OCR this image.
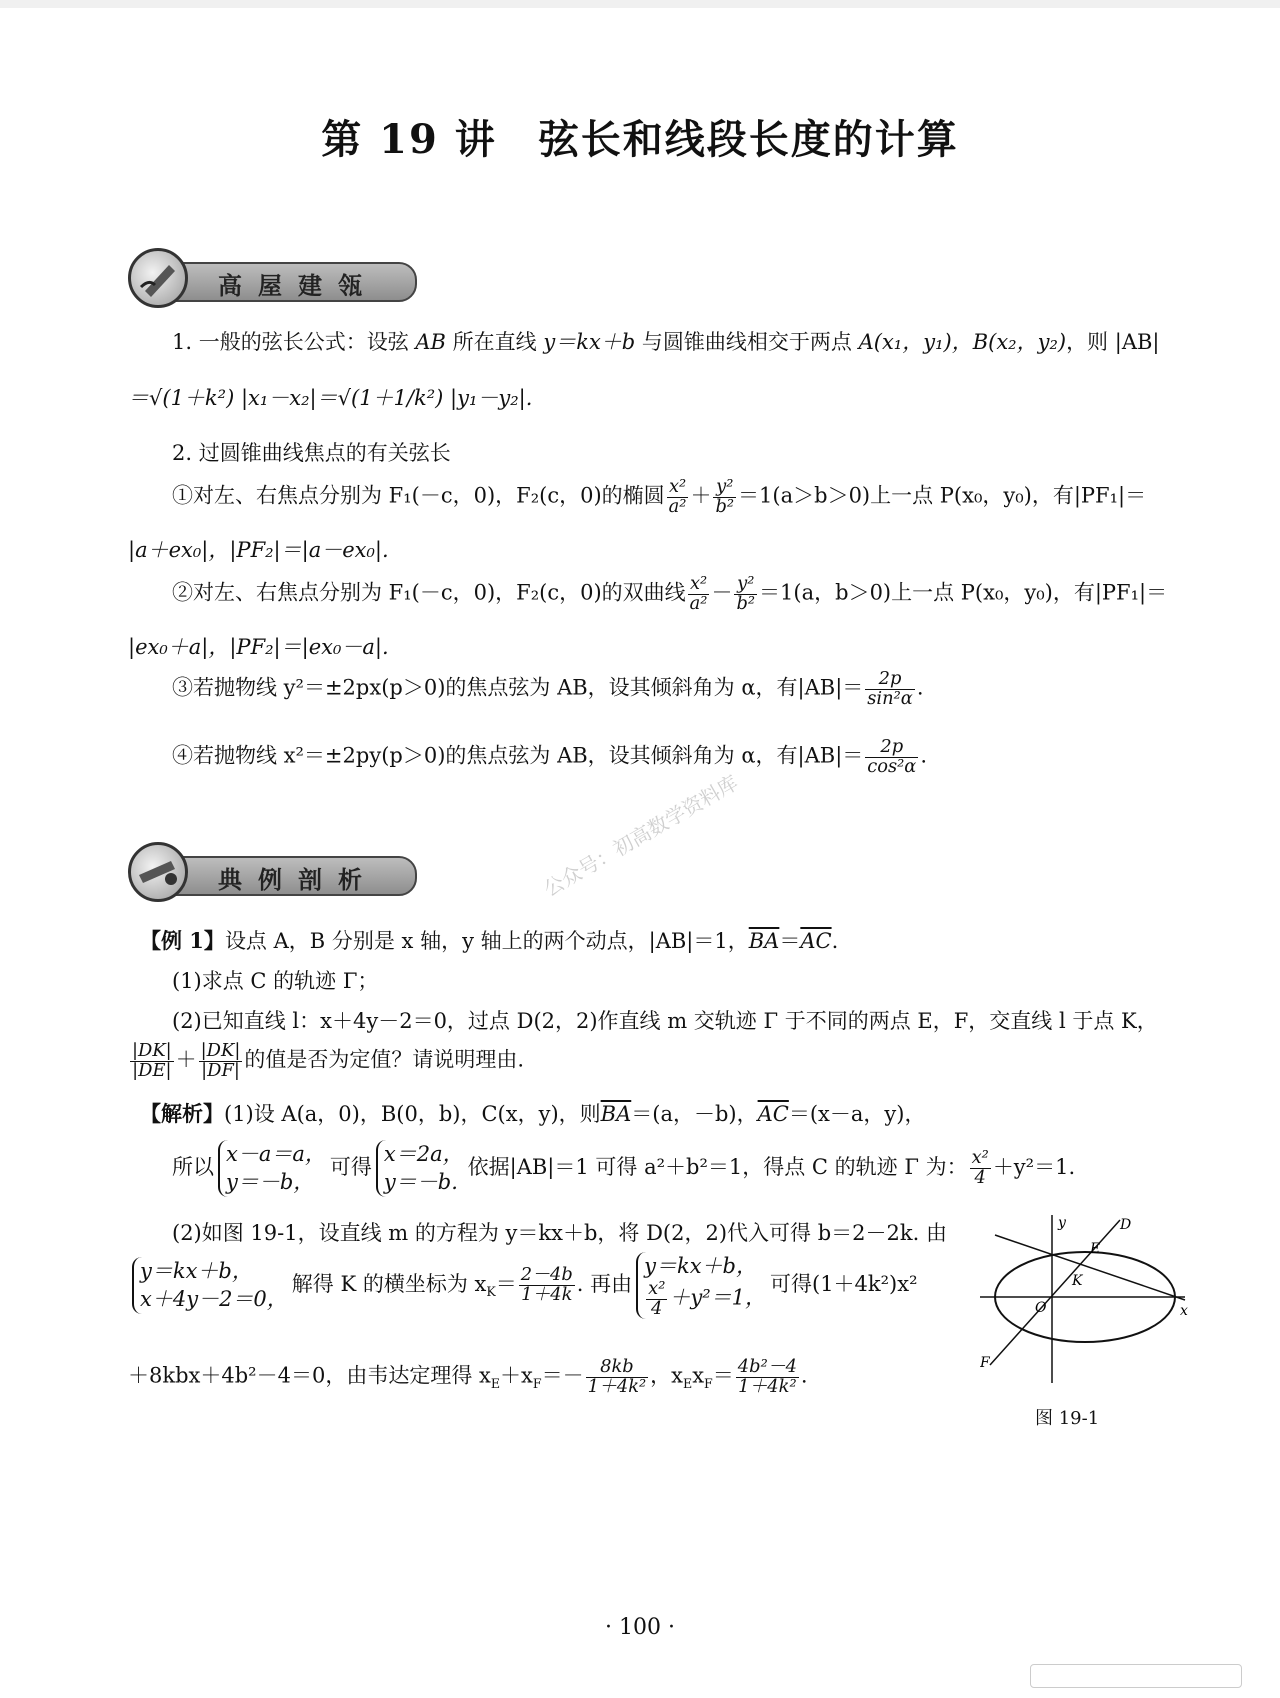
第 19 讲　弦长和线段长度的计算
高屋建瓴
1. 一般的弦长公式：设弦 AB 所在直线 y＝kx＋b 与圆锥曲线相交于两点 A(x₁，y₁)，B(x₂，y₂)，则 |AB|
＝√(1＋k²) |x₁－x₂|＝√(1＋1/k²) |y₁－y₂|.
2. 过圆锥曲线焦点的有关弦长
①对左、右焦点分别为 F₁(－c，0)，F₂(c，0)的椭圆 $\frac{\text{x²}}{\text{a²}} + \frac{\text{y²}}{\text{b²}} =1(a>b>0)$上一点 P(x₀，y₀)，有|PF₁|＝
|a＋ex₀|，|PF₂|＝|a－ex₀|.
②对左、右焦点分别为 F₁(－c，0)，F₂(c，0)的双曲线 $\frac{\text{x²}}{\text{a²}} - \frac{\text{y²}}{\text{b²}} =1(a$，b＞0)上一点 P(x₀，y₀)，有|PF₁|＝
|ex₀＋a|，|PF₂|＝|ex₀－a|.
③若抛物线 y²＝±2px(p＞0)的焦点弦为 AB，设其倾斜角为 α，有$|AB|= \frac{2p}{\text{sin²α}}$ .
④若抛物线 x²＝±2py(p＞0)的焦点弦为 AB，设其倾斜角为 α，有$|AB|= \frac{2p}{\text{cos²α}}$ .
公众号：初高数学资料库
典例剖析
【例 1】设点 A，B 分别是 x 轴，y 轴上的两个动点，|AB|＝1，$\overline{BA}=\overline{AC}$.
(1)求点 C 的轨迹 Γ；
(2)已知直线 l：x＋4y－2＝0，过点 D(2，2)作直线 m 交轨迹 Γ 于不同的两点 E，F，交直线 l 于点 K，
$\frac{|DK|}{|DE|} + \frac{|DK|}{|DF|}$ 的值是否为定值？请说明理由.
【解析】(1)设 A(a，0)，B(0，b)，C(x，y)，则$\overline{BA}=(a$，－b)，$\overline{AC}=(x-a$，y)，
所以x－a＝a，
y＝－b，可得x＝2a，
y＝－b.依据|AB|＝1 可得 a²＋b²＝1，得点 C 的轨迹 Γ 为： $\frac{\text{x²}}{4} +y^2=1$.
(2)如图 19-1，设直线 m 的方程为 y＝kx＋b，将 D(2，2)代入可得 b＝2－2k. 由
y＝kx＋b，
x＋4y－2＝0，解得 K 的横坐标为 $x_K= \frac{2-4b}{1+4k}$ . 再由y＝kx＋b，

$\frac{\text{x²}}{4} +y^2=1$，可得(1＋4k²)x²
＋8kbx＋4b²－4＝0，由韦达定理得 $x_E+x_F=- \frac{8kb}{\text{1＋4k²}}$ ，$x_Ex_F= \frac{\text{4b²－4}}{\text{1＋4k²}}$ .
y
x
D
E
K
O
F
图 19-1
· 100 ·
